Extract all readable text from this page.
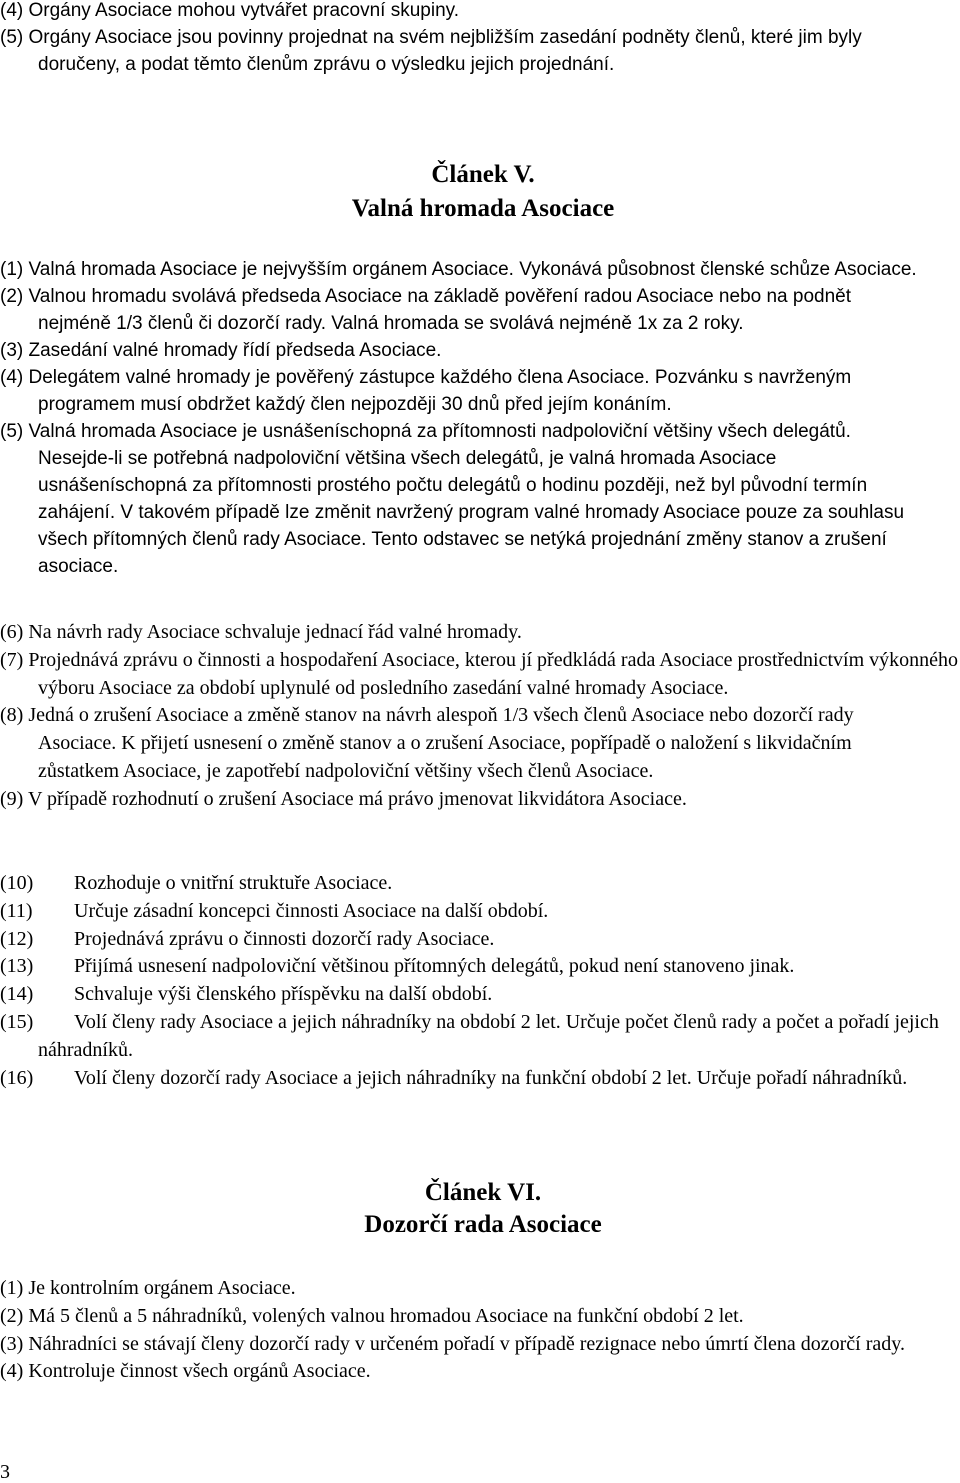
(4) Orgány Asociace mohou vytvářet pracovní skupiny.

(5) Orgány Asociace jsou povinny projednat na svém nejbližším zasedání podněty členů, které jim byly doručeny, a podat těmto členům zprávu o výsledku jejich projednání.

Článek V.
Valná hromada Asociace

(1) Valná hromada Asociace je nejvyšším orgánem Asociace. Vykonává působnost členské schůze Asociace.

(2) Valnou hromadu svolává předseda Asociace na základě pověření radou Asociace nebo na podnět nejméně 1/3 členů či dozorčí rady. Valná hromada se svolává nejméně 1x za 2 roky.

(3) Zasedání valné hromady řídí předseda Asociace.

(4) Delegátem valné hromady je pověřený zástupce každého člena Asociace. Pozvánku s navrženým programem musí obdržet každý člen nejpozději 30 dnů před jejím konáním.

(5) Valná hromada Asociace je usnášeníschopná za přítomnosti nadpoloviční většiny všech delegátů. Nesejde-li se potřebná nadpoloviční většina všech delegátů, je valná hromada Asociace usnášeníschopná za přítomnosti prostého počtu delegátů o hodinu později, než byl původní termín zahájení. V takovém případě lze změnit navržený program valné hromady Asociace pouze za souhlasu všech přítomných členů rady Asociace. Tento odstavec se netýká projednání změny stanov a zrušení asociace.

(6) Na návrh rady Asociace schvaluje jednací řád valné hromady.

(7) Projednává zprávu o činnosti a hospodaření Asociace, kterou jí předkládá rada Asociace prostřednictvím výkonného výboru Asociace za období uplynulé od posledního zasedání valné hromady Asociace.

(8) Jedná o zrušení Asociace a změně stanov na návrh alespoň 1/3 všech členů Asociace nebo dozorčí rady Asociace. K přijetí usnesení o změně stanov a o zrušení Asociace, popřípadě o naložení s likvidačním zůstatkem Asociace, je zapotřebí nadpoloviční většiny všech členů Asociace.

(9) V případě rozhodnutí o zrušení Asociace má právo jmenovat likvidátora Asociace.

(10) Rozhoduje o vnitřní struktuře Asociace.

(11) Určuje zásadní koncepci činnosti Asociace na další období.

(12) Projednává zprávu o činnosti dozorčí rady Asociace.

(13) Přijímá usnesení nadpoloviční většinou přítomných delegátů, pokud není stanoveno jinak.

(14) Schvaluje výši členského příspěvku na další období.

(15) Volí členy rady Asociace a jejich náhradníky na období 2 let. Určuje počet členů rady a počet a pořadí jejich náhradníků.

(16) Volí členy dozorčí rady Asociace a jejich náhradníky na funkční období 2 let. Určuje pořadí náhradníků.

Článek VI.
Dozorčí rada Asociace

(1) Je kontrolním orgánem Asociace.

(2) Má 5 členů a 5 náhradníků, volených valnou hromadou Asociace na funkční období 2 let.

(3) Náhradníci se stávají členy dozorčí rady v určeném pořadí v případě rezignace nebo úmrtí člena dozorčí rady.

(4) Kontroluje činnost všech orgánů Asociace.

3
